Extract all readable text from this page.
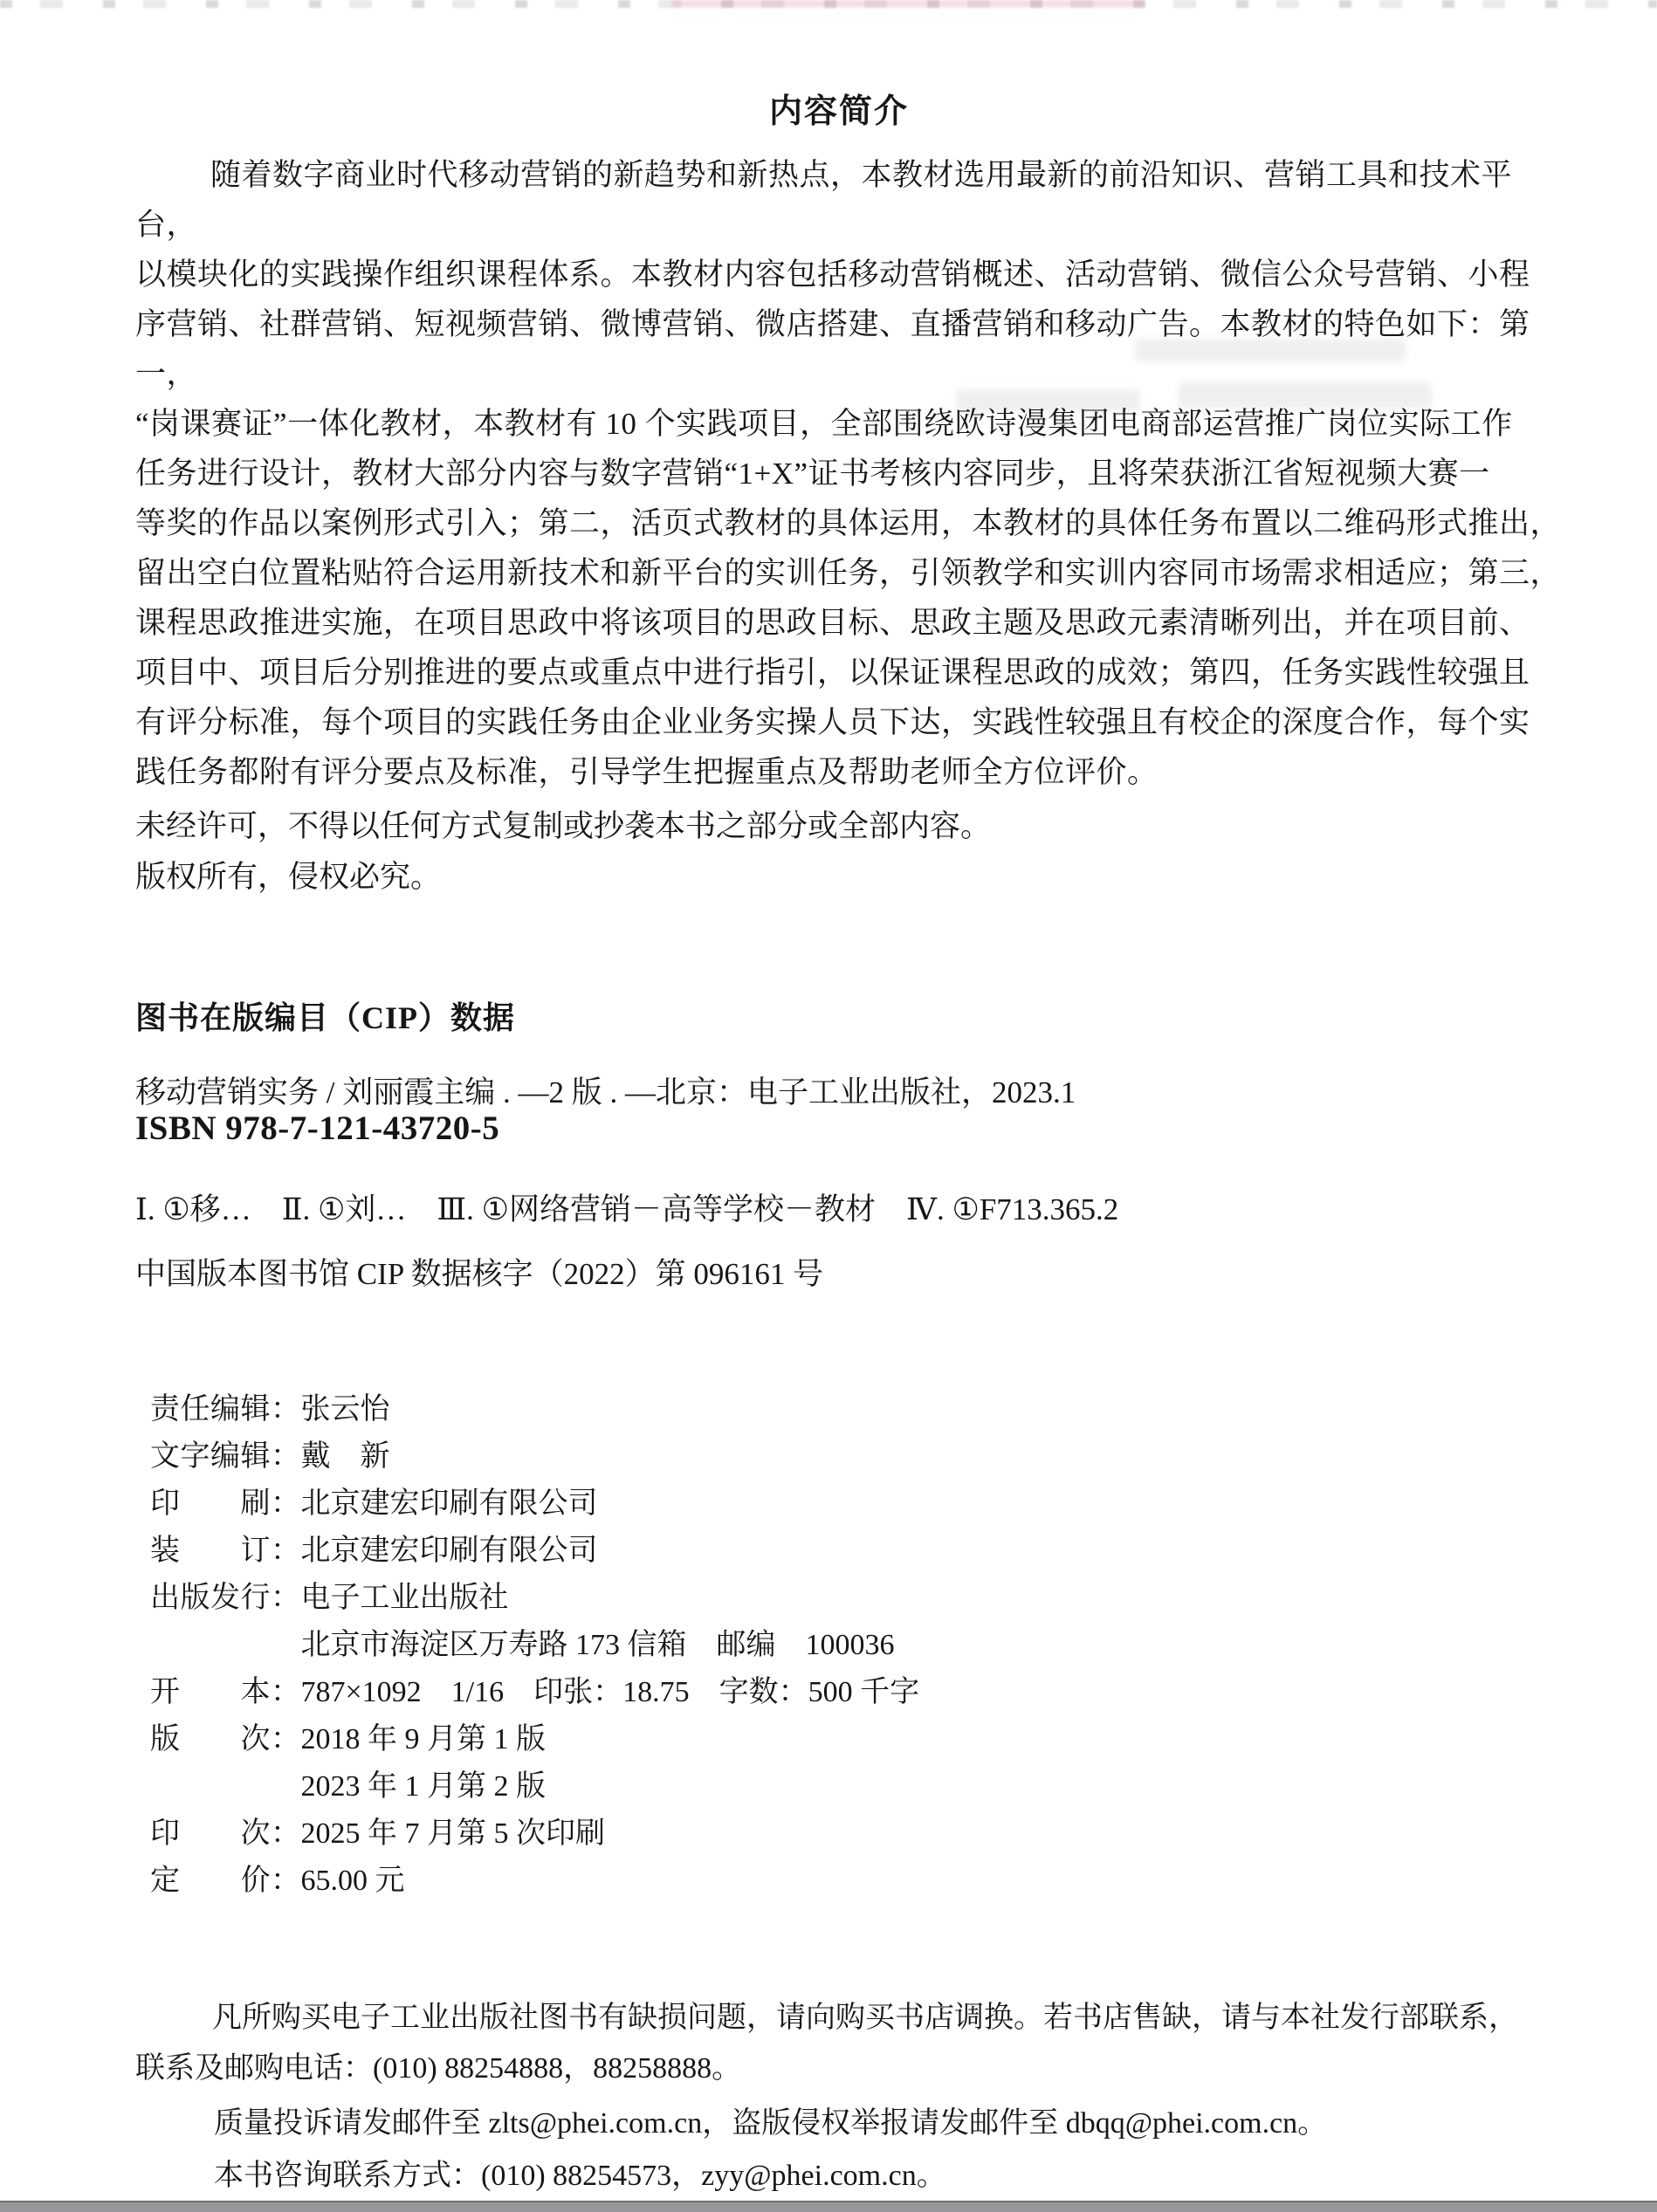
内容简介
随着数字商业时代移动营销的新趋势和新热点，本教材选用最新的前沿知识、营销工具和技术平台，
以模块化的实践操作组织课程体系。本教材内容包括移动营销概述、活动营销、微信公众号营销、小程
序营销、社群营销、短视频营销、微博营销、微店搭建、直播营销和移动广告。本教材的特色如下：第一，
“岗课赛证”一体化教材，本教材有 10 个实践项目，全部围绕欧诗漫集团电商部运营推广岗位实际工作
任务进行设计，教材大部分内容与数字营销“1+X”证书考核内容同步，且将荣获浙江省短视频大赛一
等奖的作品以案例形式引入；第二，活页式教材的具体运用，本教材的具体任务布置以二维码形式推出，
留出空白位置粘贴符合运用新技术和新平台的实训任务，引领教学和实训内容同市场需求相适应；第三，
课程思政推进实施，在项目思政中将该项目的思政目标、思政主题及思政元素清晰列出，并在项目前、
项目中、项目后分别推进的要点或重点中进行指引，以保证课程思政的成效；第四，任务实践性较强且
有评分标准，每个项目的实践任务由企业业务实操人员下达，实践性较强且有校企的深度合作，每个实
践任务都附有评分要点及标准，引导学生把握重点及帮助老师全方位评价。
未经许可，不得以任何方式复制或抄袭本书之部分或全部内容。
版权所有，侵权必究。
图书在版编目（CIP）数据
移动营销实务 / 刘丽霞主编 . —2 版 . —北京：电子工业出版社，2023.1
ISBN 978-7-121-43720-5
Ⅰ. ①移…　Ⅱ. ①刘…　Ⅲ. ①网络营销－高等学校－教材　Ⅳ. ①F713.365.2
中国版本图书馆 CIP 数据核字（2022）第 096161 号
责任编辑：张云怡
文字编辑：戴　新
印　　刷：北京建宏印刷有限公司
装　　订：北京建宏印刷有限公司
出版发行：电子工业出版社
　　　　　北京市海淀区万寿路 173 信箱　邮编　100036
开　　本：787×1092　1/16　印张：18.75　字数：500 千字
版　　次：2018 年 9 月第 1 版
　　　　　2023 年 1 月第 2 版
印　　次：2025 年 7 月第 5 次印刷
定　　价：65.00 元
凡所购买电子工业出版社图书有缺损问题，请向购买书店调换。若书店售缺，请与本社发行部联系，
联系及邮购电话：(010) 88254888，88258888。
质量投诉请发邮件至 zlts@phei.com.cn，盗版侵权举报请发邮件至 dbqq@phei.com.cn。
本书咨询联系方式：(010) 88254573，zyy@phei.com.cn。
